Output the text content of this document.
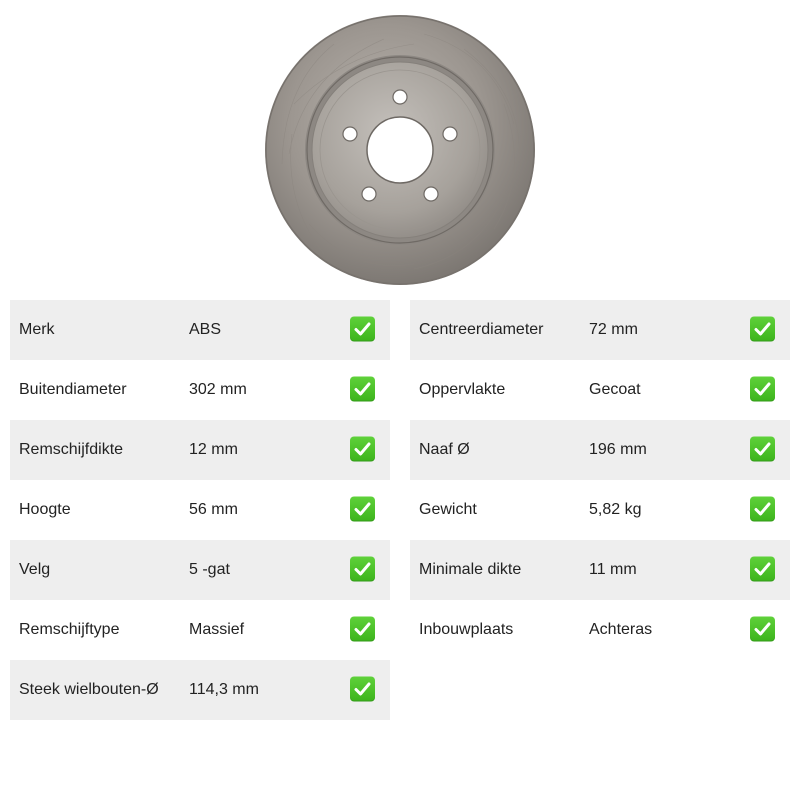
Merk	ABS
Buitendiameter	302 mm
Remschijfdikte	12 mm
Hoogte	56 mm
Velg	5 -gat
Remschijftype	Massief
Steek wielbouten-Ø 114,3 mm
Centreerdiameter	72 mm
Oppervlakte	Gecoat
Naaf Ø	196 mm
Gewicht	5,82 kg
Minimale dikte	11 mm
Inbouwplaats	Achteras
